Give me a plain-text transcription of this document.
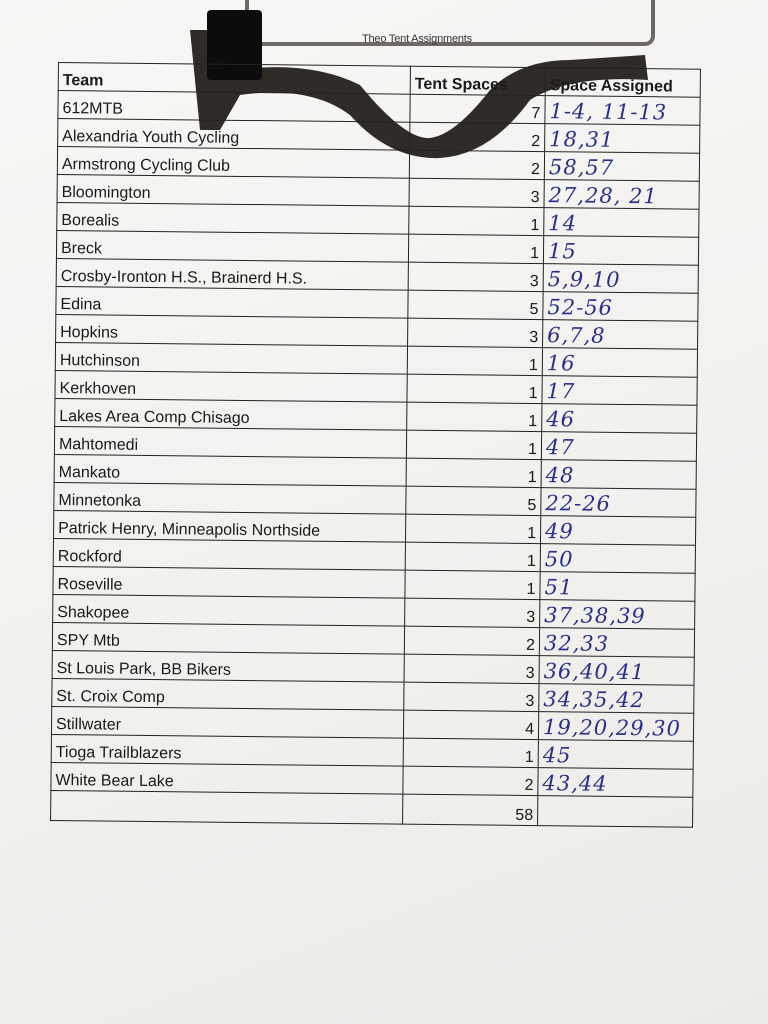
Theo Tent Assignments
Team	Tent Spaces	Space Assigned
612MTB	7	1-4, 11-13
Alexandria Youth Cycling	2	18,31
Armstrong Cycling Club	2	58,57
Bloomington	3	27,28, 21
Borealis	1	14
Breck	1	15
Crosby-Ironton H.S., Brainerd H.S.	3	5,9,10
Edina	5	52-56
Hopkins	3	6,7,8
Hutchinson	1	16
Kerkhoven	1	17
Lakes Area Comp Chisago	1	46
Mahtomedi	1	47
Mankato	1	48
Minnetonka	5	22-26
Patrick Henry, Minneapolis Northside	1	49
Rockford	1	50
Roseville	1	51
Shakopee	3	37,38,39
SPY Mtb	2	32,33
St Louis Park, BB Bikers	3	36,40,41
St. Croix Comp	3	34,35,42
Stillwater	4	19,20,29,30
Tioga Trailblazers	1	45
White Bear Lake	2	43,44
	58	
